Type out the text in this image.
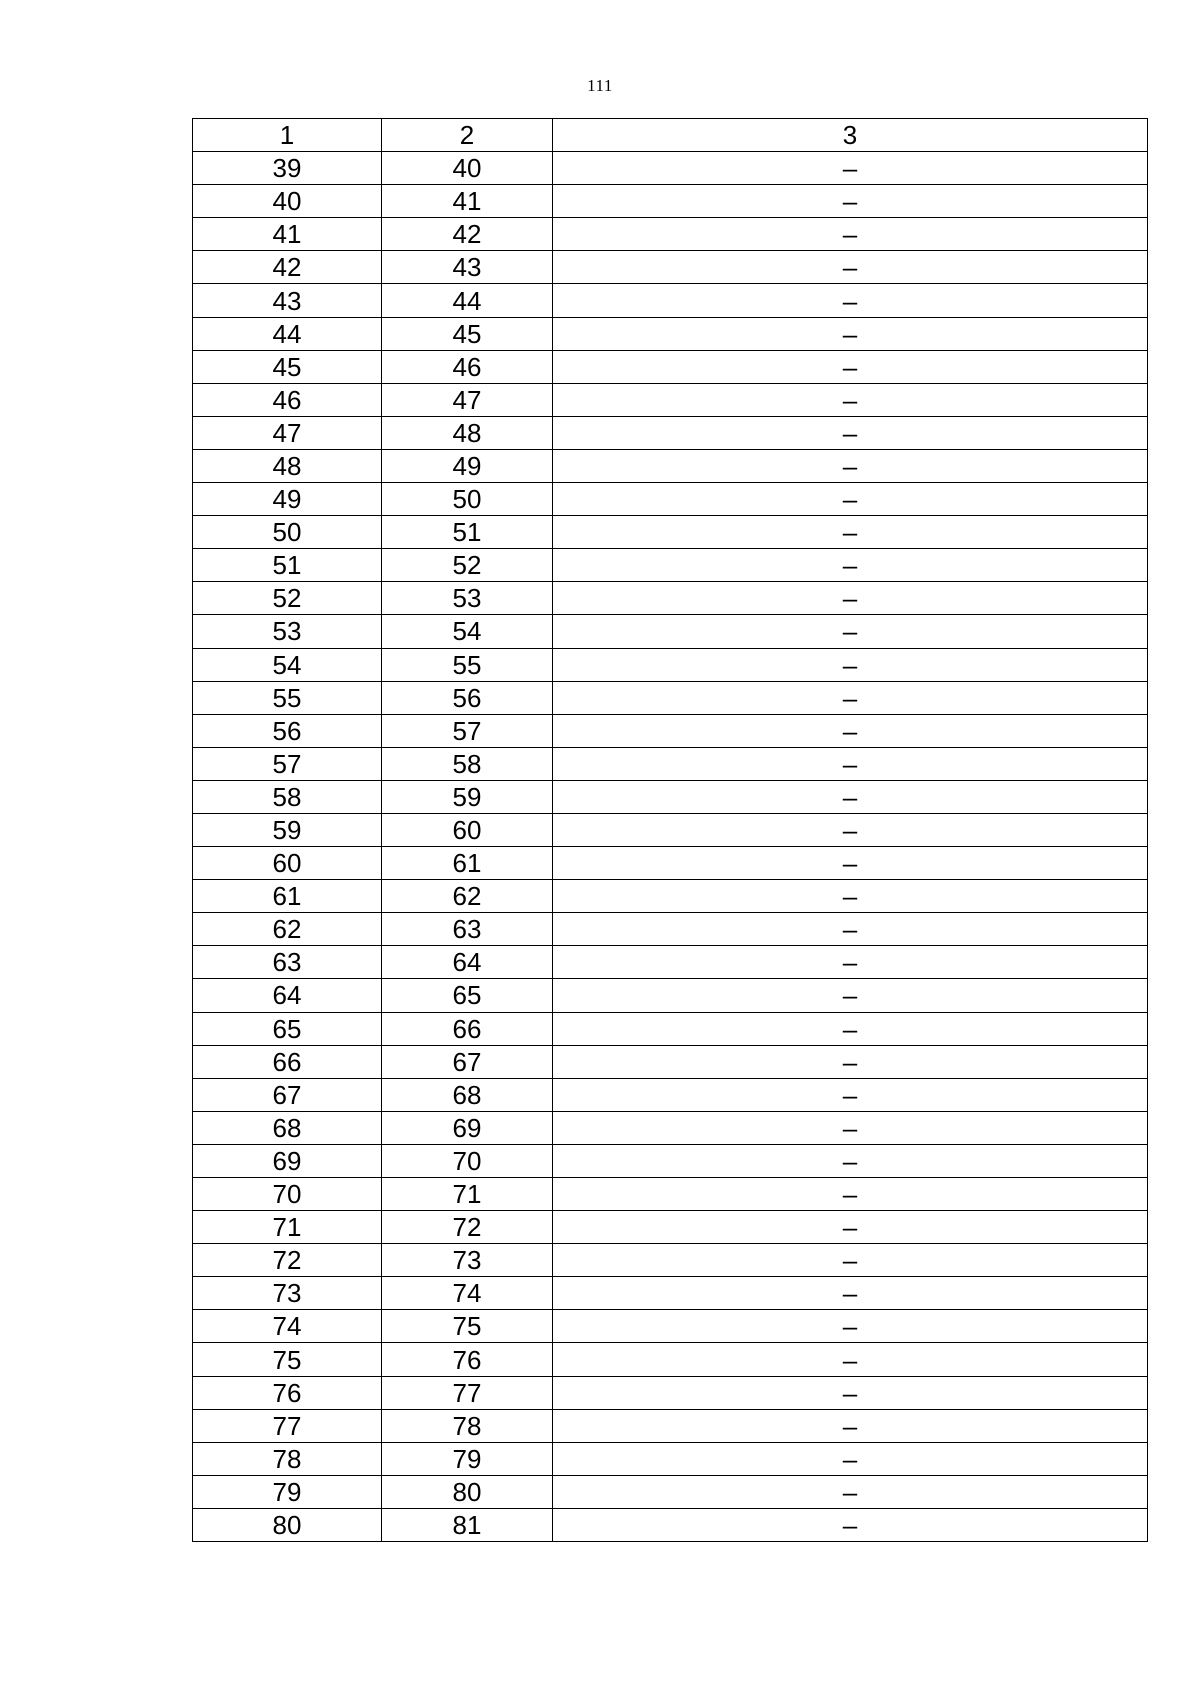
111
1	2	3
39	40	–
40	41	–
41	42	–
42	43	–
43	44	–
44	45	–
45	46	–
46	47	–
47	48	–
48	49	–
49	50	–
50	51	–
51	52	–
52	53	–
53	54	–
54	55	–
55	56	–
56	57	–
57	58	–
58	59	–
59	60	–
60	61	–
61	62	–
62	63	–
63	64	–
64	65	–
65	66	–
66	67	–
67	68	–
68	69	–
69	70	–
70	71	–
71	72	–
72	73	–
73	74	–
74	75	–
75	76	–
76	77	–
77	78	–
78	79	–
79	80	–
80	81	–
